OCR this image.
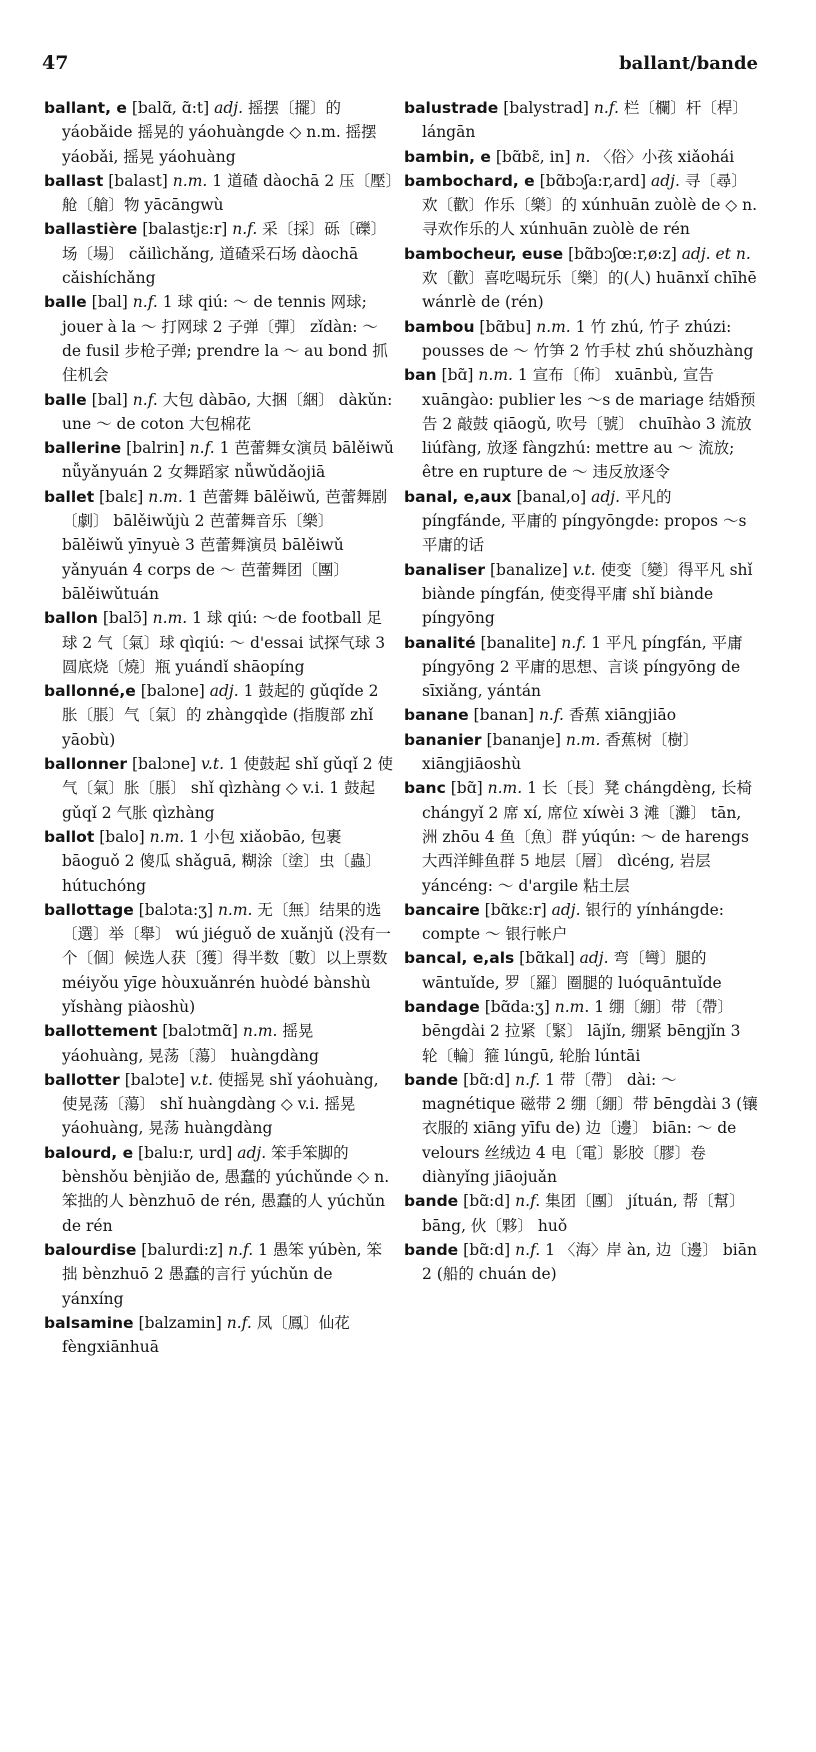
47	ballant/bande
ballant, e [balɑ̃, ɑ̃:t] adj. 摇摆〔擺〕的 yáobǎide 摇晃的 yáohuàngde ◇ n.m. 摇摆 yáobǎi, 摇晃 yáohuàng
ballast [balast] n.m. 1 道碴 dàochā 2 压〔壓〕舱〔艙〕物 yācāngwù
ballastière [balastjɛ:r] n.f. 采〔採〕砾〔礫〕场〔場〕 cǎilìchǎng, 道碴采石场 dàochā cǎishíchǎng
balle [bal] n.f. 1 球 qiú: ～ de tennis 网球; jouer à la ～ 打网球 2 子弹〔彈〕 zǐdàn: ～ de fusil 步枪子弹; prendre la ～ au bond 抓住机会
balle [bal] n.f. 大包 dàbāo, 大捆〔綑〕 dàkǔn: une ～ de coton 大包棉花
ballerine [balrin] n.f. 1 芭蕾舞女演员 bālěiwǔ nǚyǎnyuán 2 女舞蹈家 nǚwǔdǎojiā
ballet [balɛ] n.m. 1 芭蕾舞 bālěiwǔ, 芭蕾舞剧〔劇〕 bālěiwǔjù 2 芭蕾舞音乐〔樂〕 bālěiwǔ yīnyuè 3 芭蕾舞演员 bālěiwǔ yǎnyuán 4 corps de ～ 芭蕾舞团〔團〕 bālěiwǔtuán
ballon [balɔ̃] n.m. 1 球 qiú: ～de football 足球 2 气〔氣〕球 qìqiú: ～ d'essai 试探气球 3 圆底烧〔燒〕瓶 yuándǐ shāopíng
ballonné,e [balɔne] adj. 1 鼓起的 gǔqǐde 2 胀〔脹〕气〔氣〕的 zhàngqìde (指腹部 zhǐ yāobù)
ballonner [balɔne] v.t. 1 使鼓起 shǐ gǔqǐ 2 使气〔氣〕胀〔脹〕 shǐ qìzhàng ◇ v.i. 1 鼓起 gǔqǐ 2 气胀 qìzhàng
ballot [balo] n.m. 1 小包 xiǎobāo, 包裹 bāoguǒ 2 傻瓜 shǎguā, 糊涂〔塗〕虫〔蟲〕 hútuchóng
ballottage [balɔta:ʒ] n.m. 无〔無〕结果的选〔選〕举〔舉〕 wú jiéguǒ de xuǎnjǔ (没有一个〔個〕候选人获〔獲〕得半数〔數〕以上票数 méiyǒu yīge hòuxuǎnrén huòdé bànshù yǐshàng piàoshù)
ballottement [balɔtmɑ̃] n.m. 摇晃 yáohuàng, 晃荡〔蕩〕 huàngdàng
ballotter [balɔte] v.t. 使摇晃 shǐ yáohuàng, 使晃荡〔蕩〕 shǐ huàngdàng ◇ v.i. 摇晃 yáohuàng, 晃荡 huàngdàng
balourd, e [balu:r, urd] adj. 笨手笨脚的 bènshǒu bènjiǎo de, 愚蠢的 yúchǔnde ◇ n. 笨拙的人 bènzhuō de rén, 愚蠢的人 yúchǔn de rén
balourdise [balurdi:z] n.f. 1 愚笨 yúbèn, 笨拙 bènzhuō 2 愚蠢的言行 yúchǔn de yánxíng
balsamine [balzamin] n.f. 凤〔鳳〕仙花 fèngxiānhuā
balustrade [balystrad] n.f. 栏〔欄〕杆〔桿〕 lángān
bambin, e [bɑ̃bɛ̃, in] n. 〈俗〉小孩 xiǎohái
bambochard, e [bɑ̃bɔʃa:r,ard] adj. 寻〔尋〕欢〔歡〕作乐〔樂〕的 xúnhuān zuòlè de ◇ n. 寻欢作乐的人 xúnhuān zuòlè de rén
bambocheur, euse [bɑ̃bɔʃœ:r,ø:z] adj. et n. 欢〔歡〕喜吃喝玩乐〔樂〕的(人) huānxǐ chīhē wánrlè de (rén)
bambou [bɑ̃bu] n.m. 1 竹 zhú, 竹子 zhúzi: pousses de ～ 竹笋 2 竹手杖 zhú shǒuzhàng
ban [bɑ̃] n.m. 1 宣布〔佈〕 xuānbù, 宣告 xuāngào: publier les ～s de mariage 结婚预告 2 敲鼓 qiāogǔ, 吹号〔號〕 chuīhào 3 流放 liúfàng, 放逐 fàngzhú: mettre au ～ 流放; être en rupture de ～ 违反放逐令
banal, e,aux [banal,o] adj. 平凡的 píngfánde, 平庸的 píngyōngde: propos ～s 平庸的话
banaliser [banalize] v.t. 使变〔變〕得平凡 shǐ biànde píngfán, 使变得平庸 shǐ biànde píngyōng
banalité [banalite] n.f. 1 平凡 píngfán, 平庸 píngyōng 2 平庸的思想、言谈 píngyōng de sīxiǎng, yántán
banane [banan] n.f. 香蕉 xiāngjiāo
bananier [bananje] n.m. 香蕉树〔樹〕 xiāngjiāoshù
banc [bɑ̃] n.m. 1 长〔長〕凳 chángdèng, 长椅 chángyǐ 2 席 xí, 席位 xíwèi 3 滩〔灘〕 tān, 洲 zhōu 4 鱼〔魚〕群 yúqún: ～ de harengs 大西洋鲱鱼群 5 地层〔層〕 dìcéng, 岩层 yáncéng: ～ d'argile 粘土层
bancaire [bɑ̃kɛ:r] adj. 银行的 yínhángde: compte ～ 银行帐户
bancal, e,als [bɑ̃kal] adj. 弯〔彎〕腿的 wāntuǐde, 罗〔羅〕圈腿的 luóquāntuǐde
bandage [bɑ̃da:ʒ] n.m. 1 绷〔綳〕带〔帶〕 bēngdài 2 拉紧〔緊〕 lājǐn, 绷紧 bēngjǐn 3 轮〔輪〕箍 lúngū, 轮胎 lúntāi
bande [bɑ̃:d] n.f. 1 带〔帶〕 dài: ～ magnétique 磁带 2 绷〔綳〕带 bēngdài 3 (镶衣服的 xiāng yīfu de) 边〔邊〕 biān: ～ de velours 丝绒边 4 电〔電〕影胶〔膠〕卷 diànyǐng jiāojuǎn
bande [bɑ̃:d] n.f. 集团〔團〕 jítuán, 帮〔幫〕 bāng, 伙〔夥〕 huǒ
bande [bɑ̃:d] n.f. 1 〈海〉岸 àn, 边〔邊〕 biān 2 (船的 chuán de)
